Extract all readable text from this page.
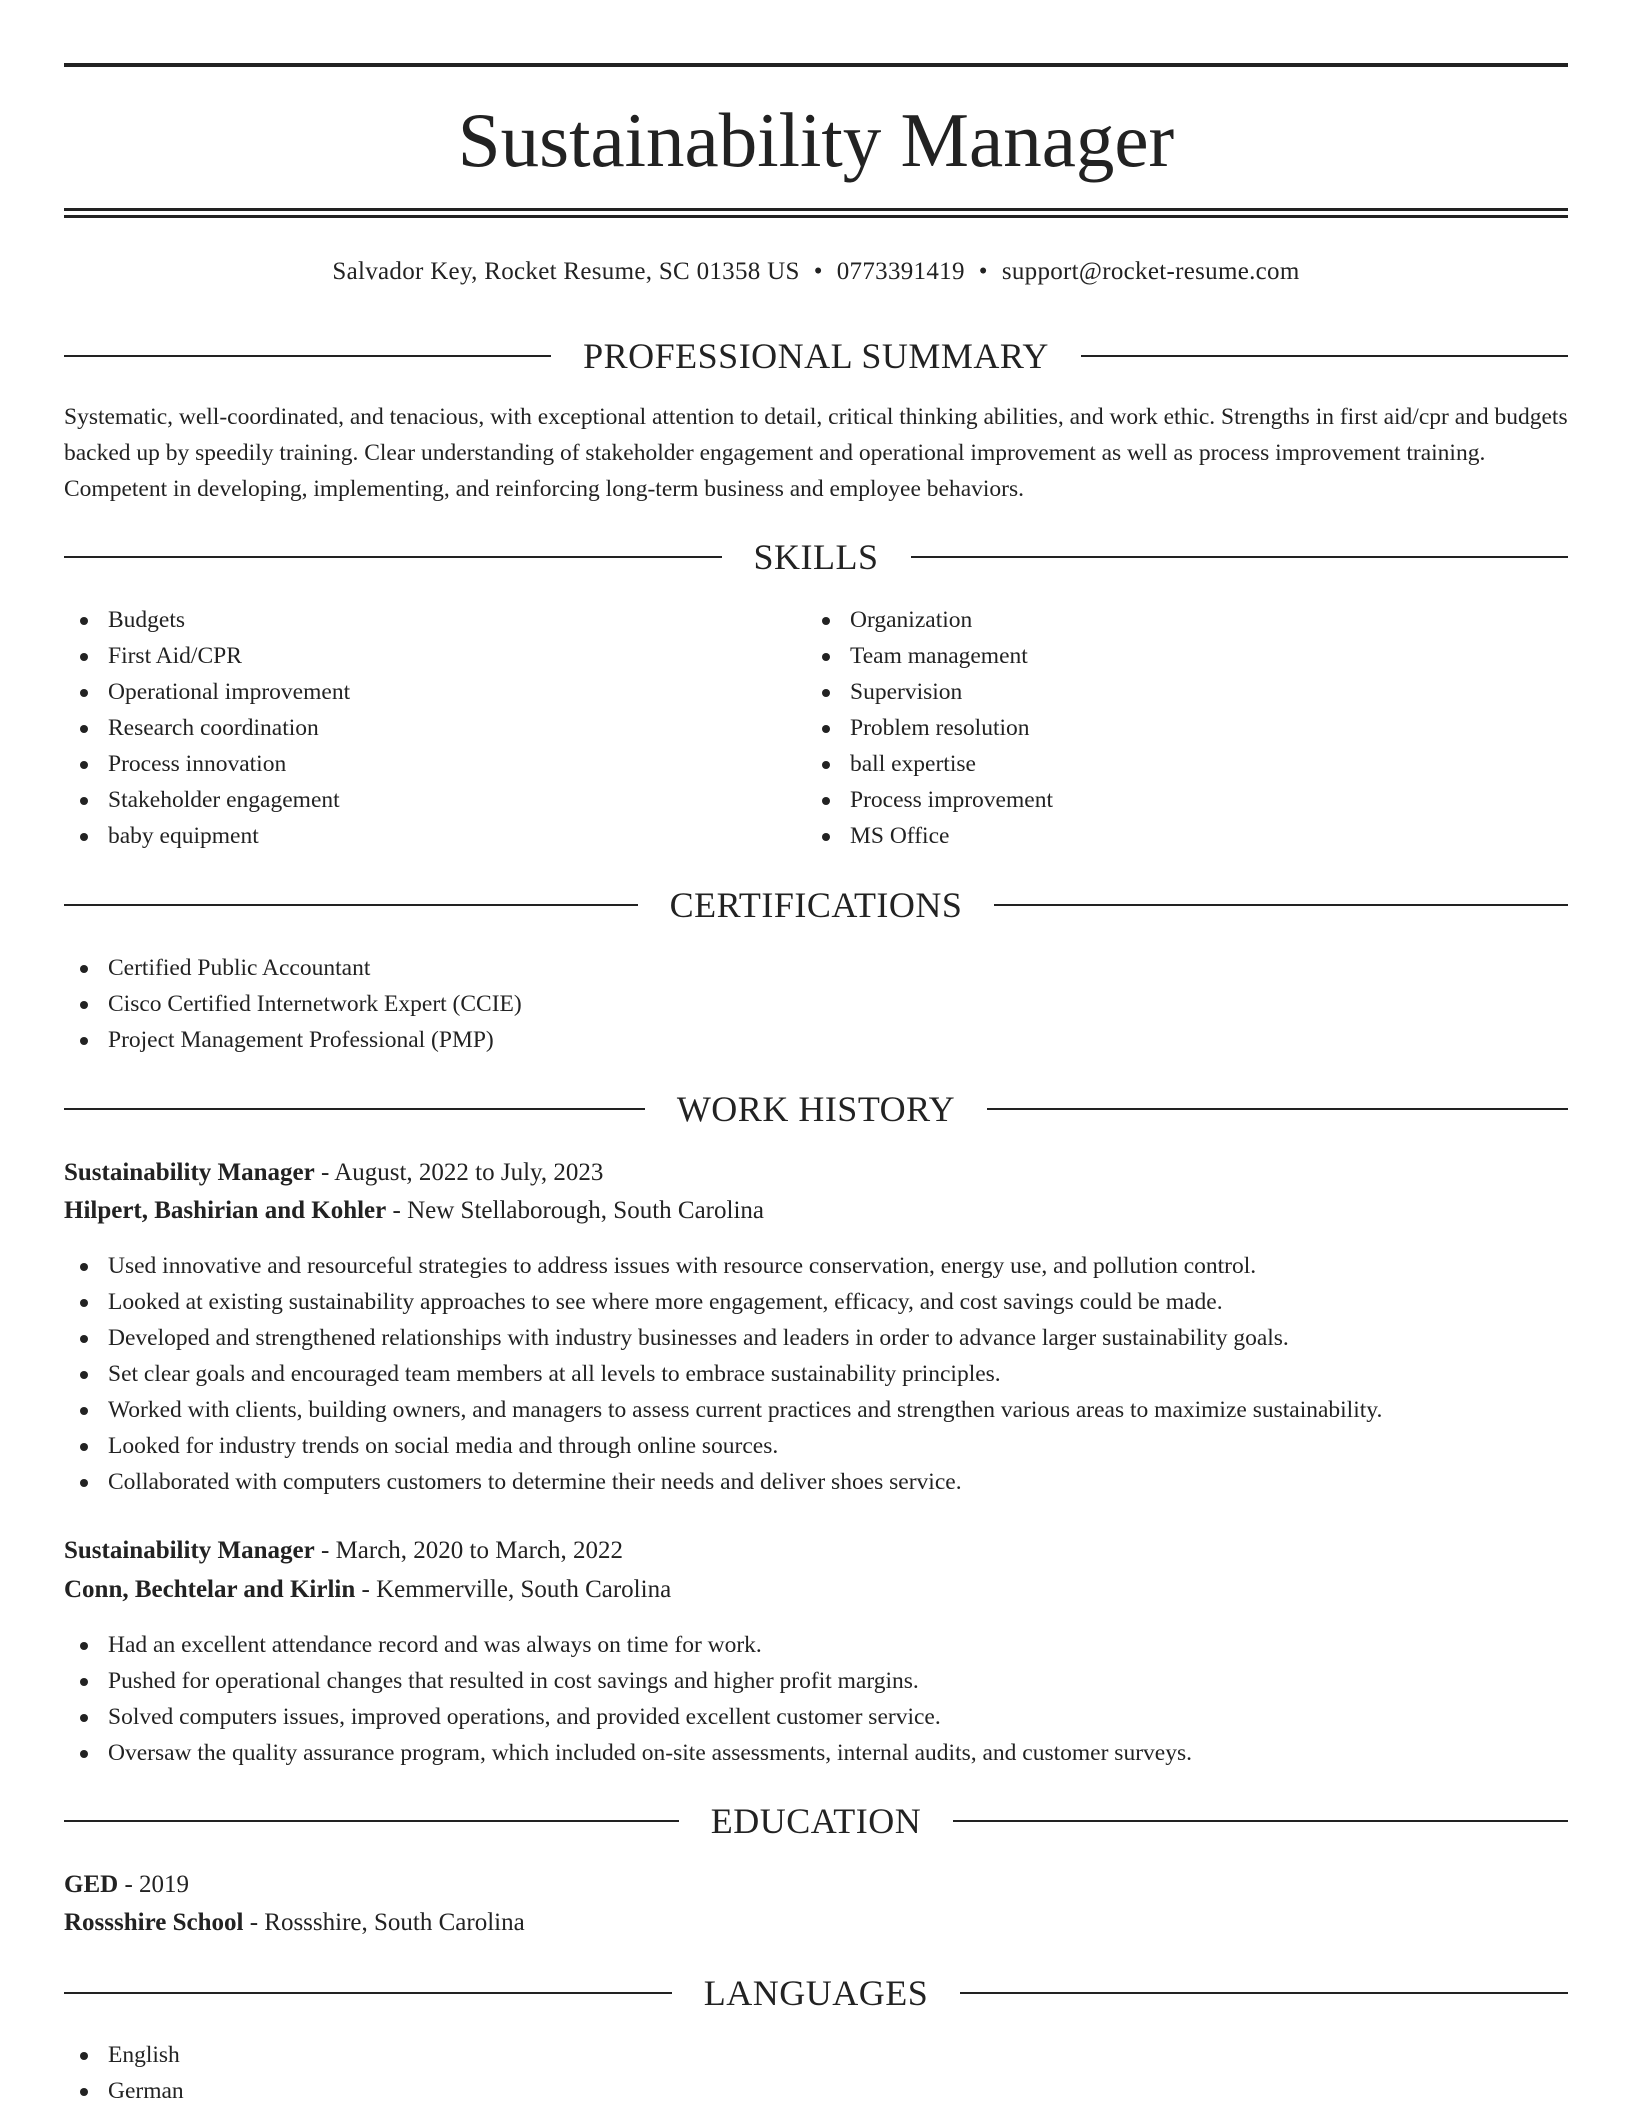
Sustainability Manager
Salvador Key, Rocket Resume, SC 01358 US • 0773391419 • support@rocket-resume.com
PROFESSIONAL SUMMARY

Systematic, well-coordinated, and tenacious, with exceptional attention to detail, critical thinking abilities, and work ethic. Strengths in first aid/cpr and budgets backed up by speedily training. Clear understanding of stakeholder engagement and operational improvement as well as process improvement training. Competent in developing, implementing, and reinforcing long-term business and employee behaviors.

SKILLS
Budgets
First Aid/CPR
Operational improvement
Research coordination
Process innovation
Stakeholder engagement
baby equipment
Organization
Team management
Supervision
Problem resolution
ball expertise
Process improvement
MS Office
CERTIFICATIONS
Certified Public Accountant
Cisco Certified Internetwork Expert (CCIE)
Project Management Professional (PMP)
WORK HISTORY
Sustainability Manager - August, 2022 to July, 2023
Hilpert, Bashirian and Kohler - New Stellaborough, South Carolina
Used innovative and resourceful strategies to address issues with resource conservation, energy use, and pollution control.
Looked at existing sustainability approaches to see where more engagement, efficacy, and cost savings could be made.
Developed and strengthened relationships with industry businesses and leaders in order to advance larger sustainability goals.
Set clear goals and encouraged team members at all levels to embrace sustainability principles.
Worked with clients, building owners, and managers to assess current practices and strengthen various areas to maximize sustainability.
Looked for industry trends on social media and through online sources.
Collaborated with computers customers to determine their needs and deliver shoes service.
Sustainability Manager - March, 2020 to March, 2022
Conn, Bechtelar and Kirlin - Kemmerville, South Carolina
Had an excellent attendance record and was always on time for work.
Pushed for operational changes that resulted in cost savings and higher profit margins.
Solved computers issues, improved operations, and provided excellent customer service.
Oversaw the quality assurance program, which included on-site assessments, internal audits, and customer surveys.
EDUCATION
GED - 2019
Rossshire School - Rossshire, South Carolina
LANGUAGES
English
German
